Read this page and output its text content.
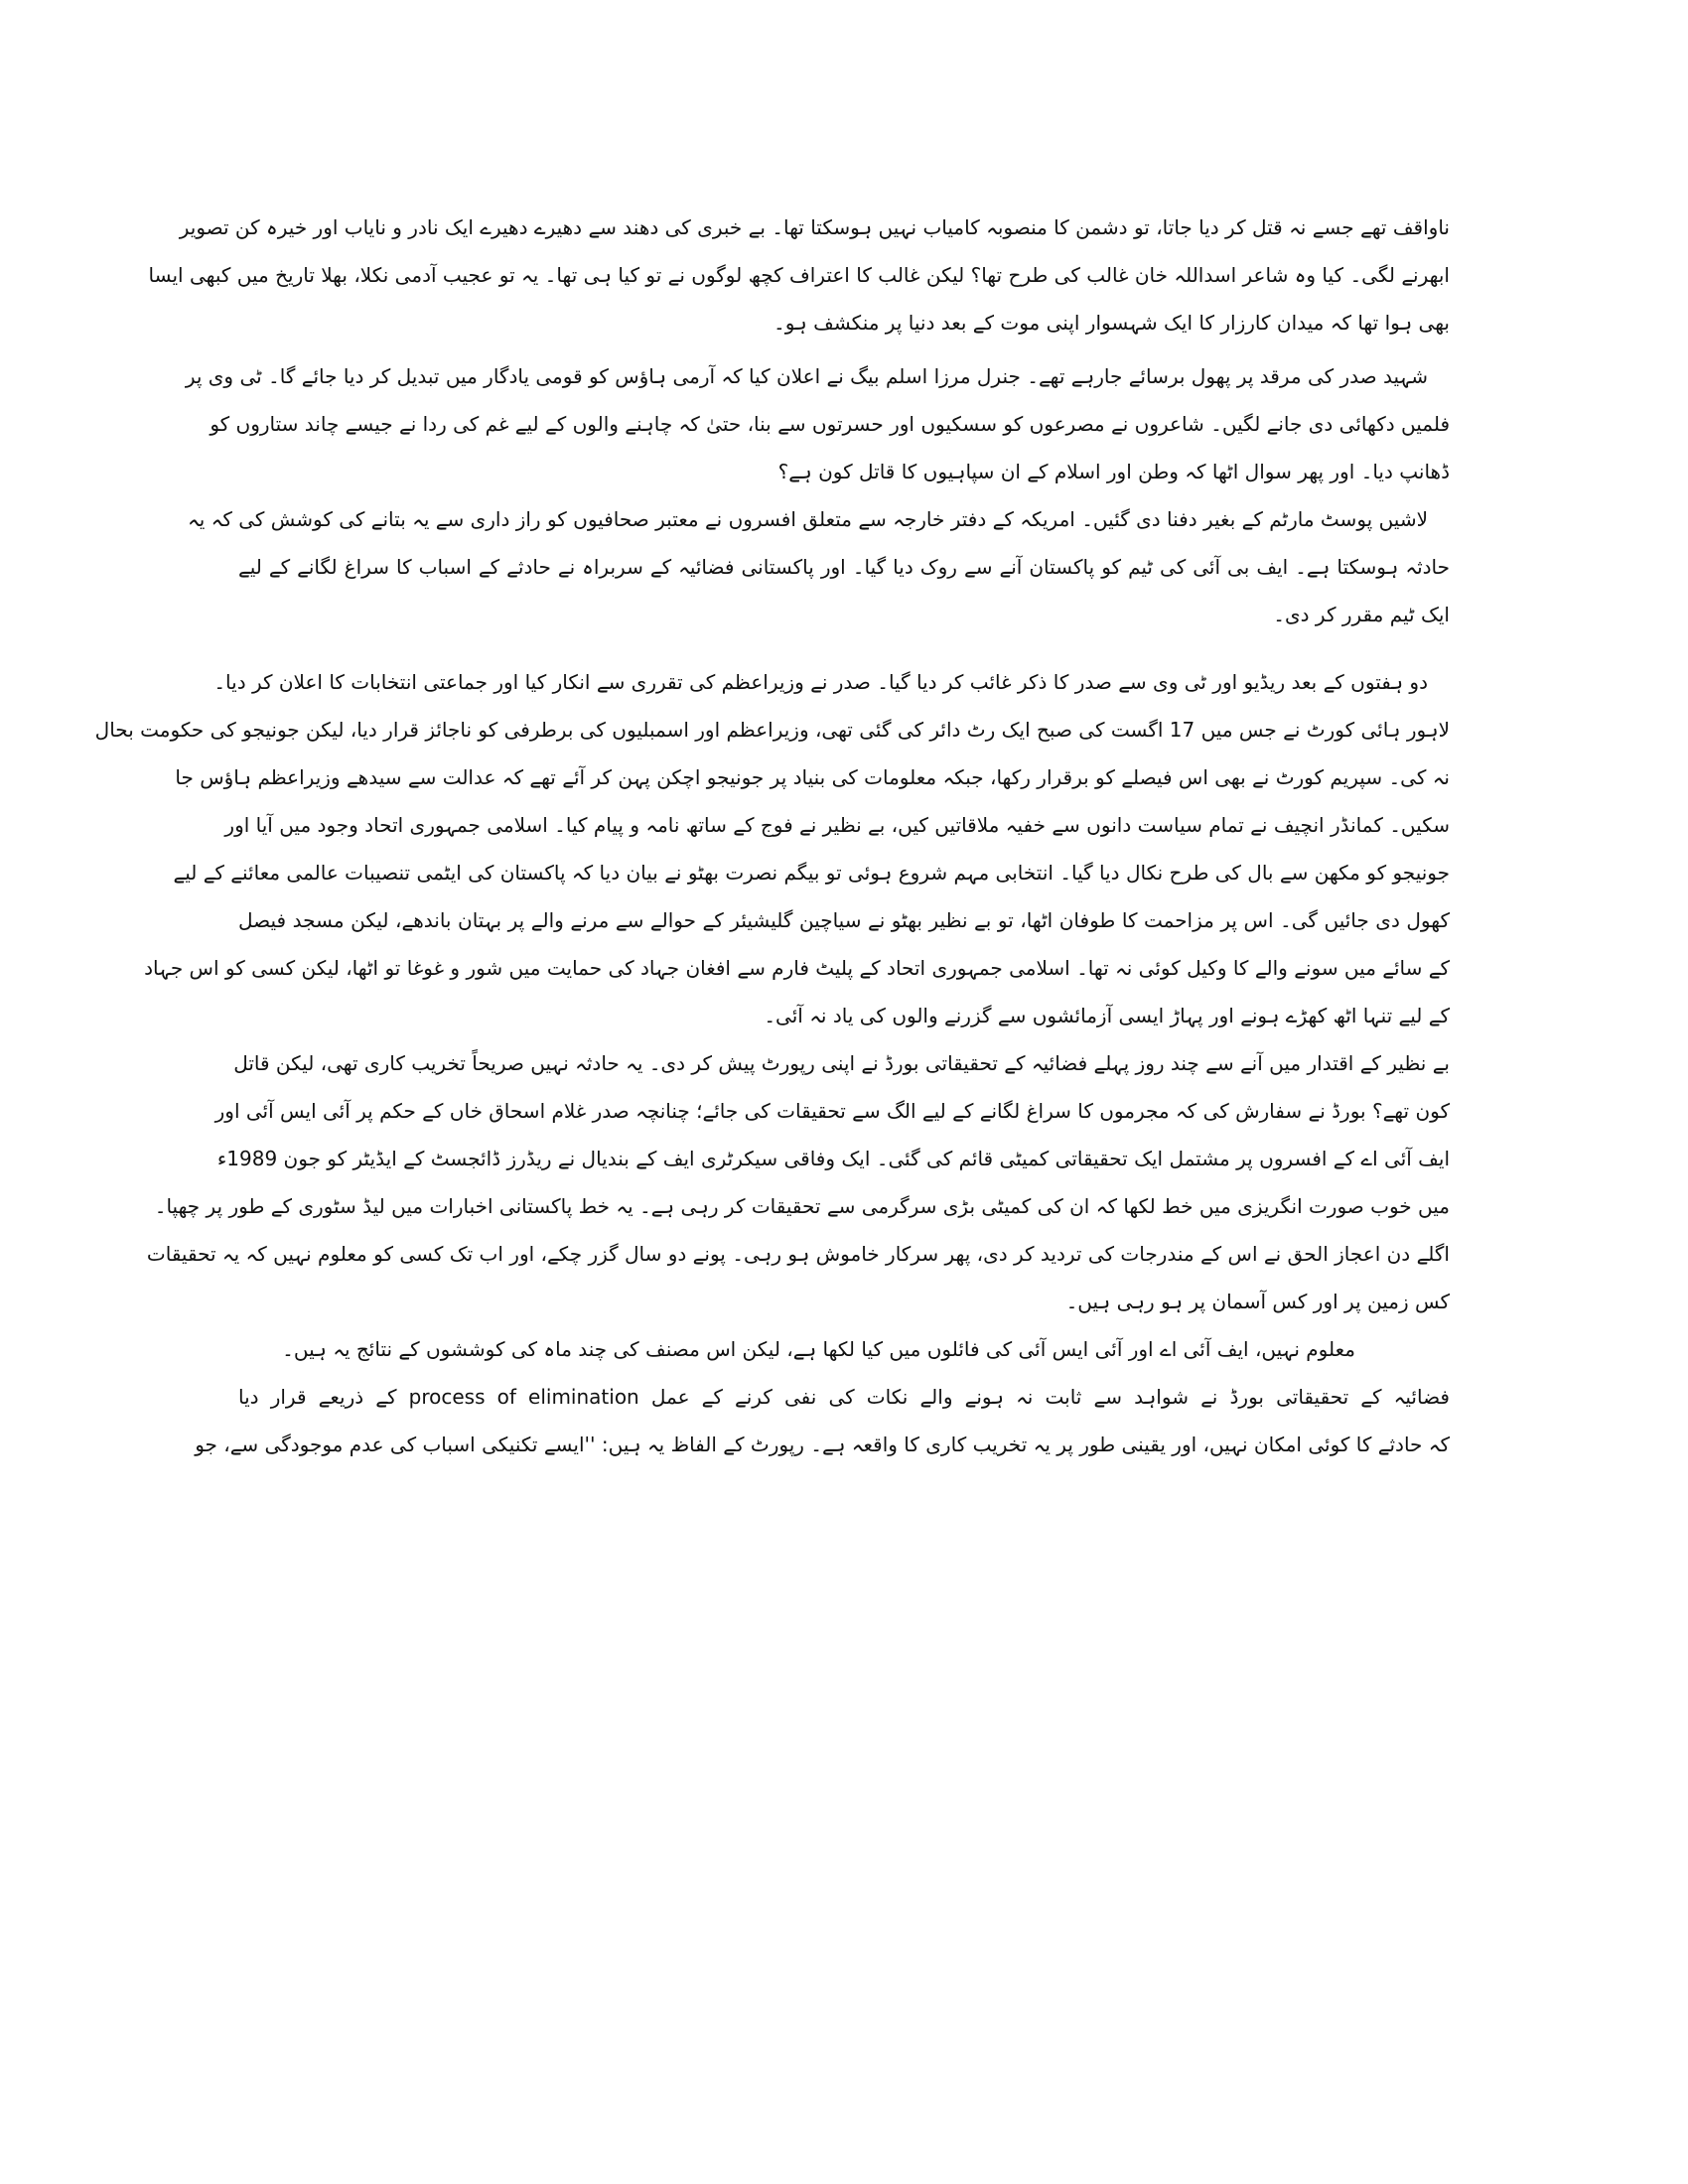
ناواقف تھے جسے نہ قتل کر دیا جاتا، تو دشمن کا منصوبہ کامیاب نہیں ہوسکتا تھا۔ بے خبری کی دھند سے دھیرے دھیرے ایک نادر و نایاب اور خیرہ کن تصویر
ابھرنے لگی۔ کیا وہ شاعر اسداللہ خان غالب کی طرح تھا؟ لیکن غالب کا اعتراف کچھ لوگوں نے تو کیا ہی تھا۔ یہ تو عجیب آدمی نکلا، بھلا تاریخ میں کبھی ایسا
بھی ہوا تھا کہ میدان کارزار کا ایک شہسوار اپنی موت کے بعد دنیا پر منکشف ہو۔
شہید صدر کی مرقد پر پھول برسائے جارہے تھے۔ جنرل مرزا اسلم بیگ نے اعلان کیا کہ آرمی ہاؤس کو قومی یادگار میں تبدیل کر دیا جائے گا۔ ٹی وی پر
فلمیں دکھائی دی جانے لگیں۔ شاعروں نے مصرعوں کو سسکیوں اور حسرتوں سے بنا، حتیٰ کہ چاہنے والوں کے لیے غم کی ردا نے جیسے چاند ستاروں کو
ڈھانپ دیا۔ اور پھر سوال اٹھا کہ وطن اور اسلام کے ان سپاہیوں کا قاتل کون ہے؟
لاشیں پوسٹ مارٹم کے بغیر دفنا دی گئیں۔ امریکہ کے دفتر خارجہ سے متعلق افسروں نے معتبر صحافیوں کو راز داری سے یہ بتانے کی کوشش کی کہ یہ
حادثہ ہوسکتا ہے۔ ایف بی آئی کی ٹیم کو پاکستان آنے سے روک دیا گیا۔ اور پاکستانی فضائیہ کے سربراہ نے حادثے کے اسباب کا سراغ لگانے کے لیے
ایک ٹیم مقرر کر دی۔
دو ہفتوں کے بعد ریڈیو اور ٹی وی سے صدر کا ذکر غائب کر دیا گیا۔ صدر نے وزیراعظم کی تقرری سے انکار کیا اور جماعتی انتخابات کا اعلان کر دیا۔
لاہور ہائی کورٹ نے جس میں 17 اگست کی صبح ایک رٹ دائر کی گئی تھی، وزیراعظم اور اسمبلیوں کی برطرفی کو ناجائز قرار دیا، لیکن جونیجو کی حکومت بحال
نہ کی۔ سپریم کورٹ نے بھی اس فیصلے کو برقرار رکھا، جبکہ معلومات کی بنیاد پر جونیجو اچکن پہن کر آئے تھے کہ عدالت سے سیدھے وزیراعظم ہاؤس جا
سکیں۔ کمانڈر انچیف نے تمام سیاست دانوں سے خفیہ ملاقاتیں کیں، بے نظیر نے فوج کے ساتھ نامہ و پیام کیا۔ اسلامی جمہوری اتحاد وجود میں آیا اور
جونیجو کو مکھن سے بال کی طرح نکال دیا گیا۔ انتخابی مہم شروع ہوئی تو بیگم نصرت بھٹو نے بیان دیا کہ پاکستان کی ایٹمی تنصیبات عالمی معائنے کے لیے
کھول دی جائیں گی۔ اس پر مزاحمت کا طوفان اٹھا، تو بے نظیر بھٹو نے سیاچین گلیشیئر کے حوالے سے مرنے والے پر بہتان باندھے، لیکن مسجد فیصل
کے سائے میں سونے والے کا وکیل کوئی نہ تھا۔ اسلامی جمہوری اتحاد کے پلیٹ فارم سے افغان جہاد کی حمایت میں شور و غوغا تو اٹھا، لیکن کسی کو اس جہاد
کے لیے تنہا اٹھ کھڑے ہونے اور پہاڑ ایسی آزمائشوں سے گزرنے والوں کی یاد نہ آئی۔
بے نظیر کے اقتدار میں آنے سے چند روز پہلے فضائیہ کے تحقیقاتی بورڈ نے اپنی رپورٹ پیش کر دی۔ یہ حادثہ نہیں صریحاً تخریب کاری تھی، لیکن قاتل
کون تھے؟ بورڈ نے سفارش کی کہ مجرموں کا سراغ لگانے کے لیے الگ سے تحقیقات کی جائے؛ چنانچہ صدر غلام اسحاق خاں کے حکم پر آئی ایس آئی اور
ایف آئی اے کے افسروں پر مشتمل ایک تحقیقاتی کمیٹی قائم کی گئی۔ ایک وفاقی سیکرٹری ایف کے بندیال نے ریڈرز ڈائجسٹ کے ایڈیٹر کو جون 1989ء
میں خوب صورت انگریزی میں خط لکھا کہ ان کی کمیٹی بڑی سرگرمی سے تحقیقات کر رہی ہے۔ یہ خط پاکستانی اخبارات میں لیڈ سٹوری کے طور پر چھپا۔
اگلے دن اعجاز الحق نے اس کے مندرجات کی تردید کر دی، پھر سرکار خاموش ہو رہی۔ پونے دو سال گزر چکے، اور اب تک کسی کو معلوم نہیں کہ یہ تحقیقات
کس زمین پر اور کس آسمان پر ہو رہی ہیں۔
معلوم نہیں، ایف آئی اے اور آئی ایس آئی کی فائلوں میں کیا لکھا ہے، لیکن اس مصنف کی چند ماہ کی کوششوں کے نتائج یہ ہیں۔
فضائیہ کے تحقیقاتی بورڈ نے شواہد سے ثابت نہ ہونے والے نکات کی نفی کرنے کے عمل process of elimination کے ذریعے قرار دیا
کہ حادثے کا کوئی امکان نہیں، اور یقینی طور پر یہ تخریب کاری کا واقعہ ہے۔ رپورٹ کے الفاظ یہ ہیں: ''ایسے تکنیکی اسباب کی عدم موجودگی سے، جو
